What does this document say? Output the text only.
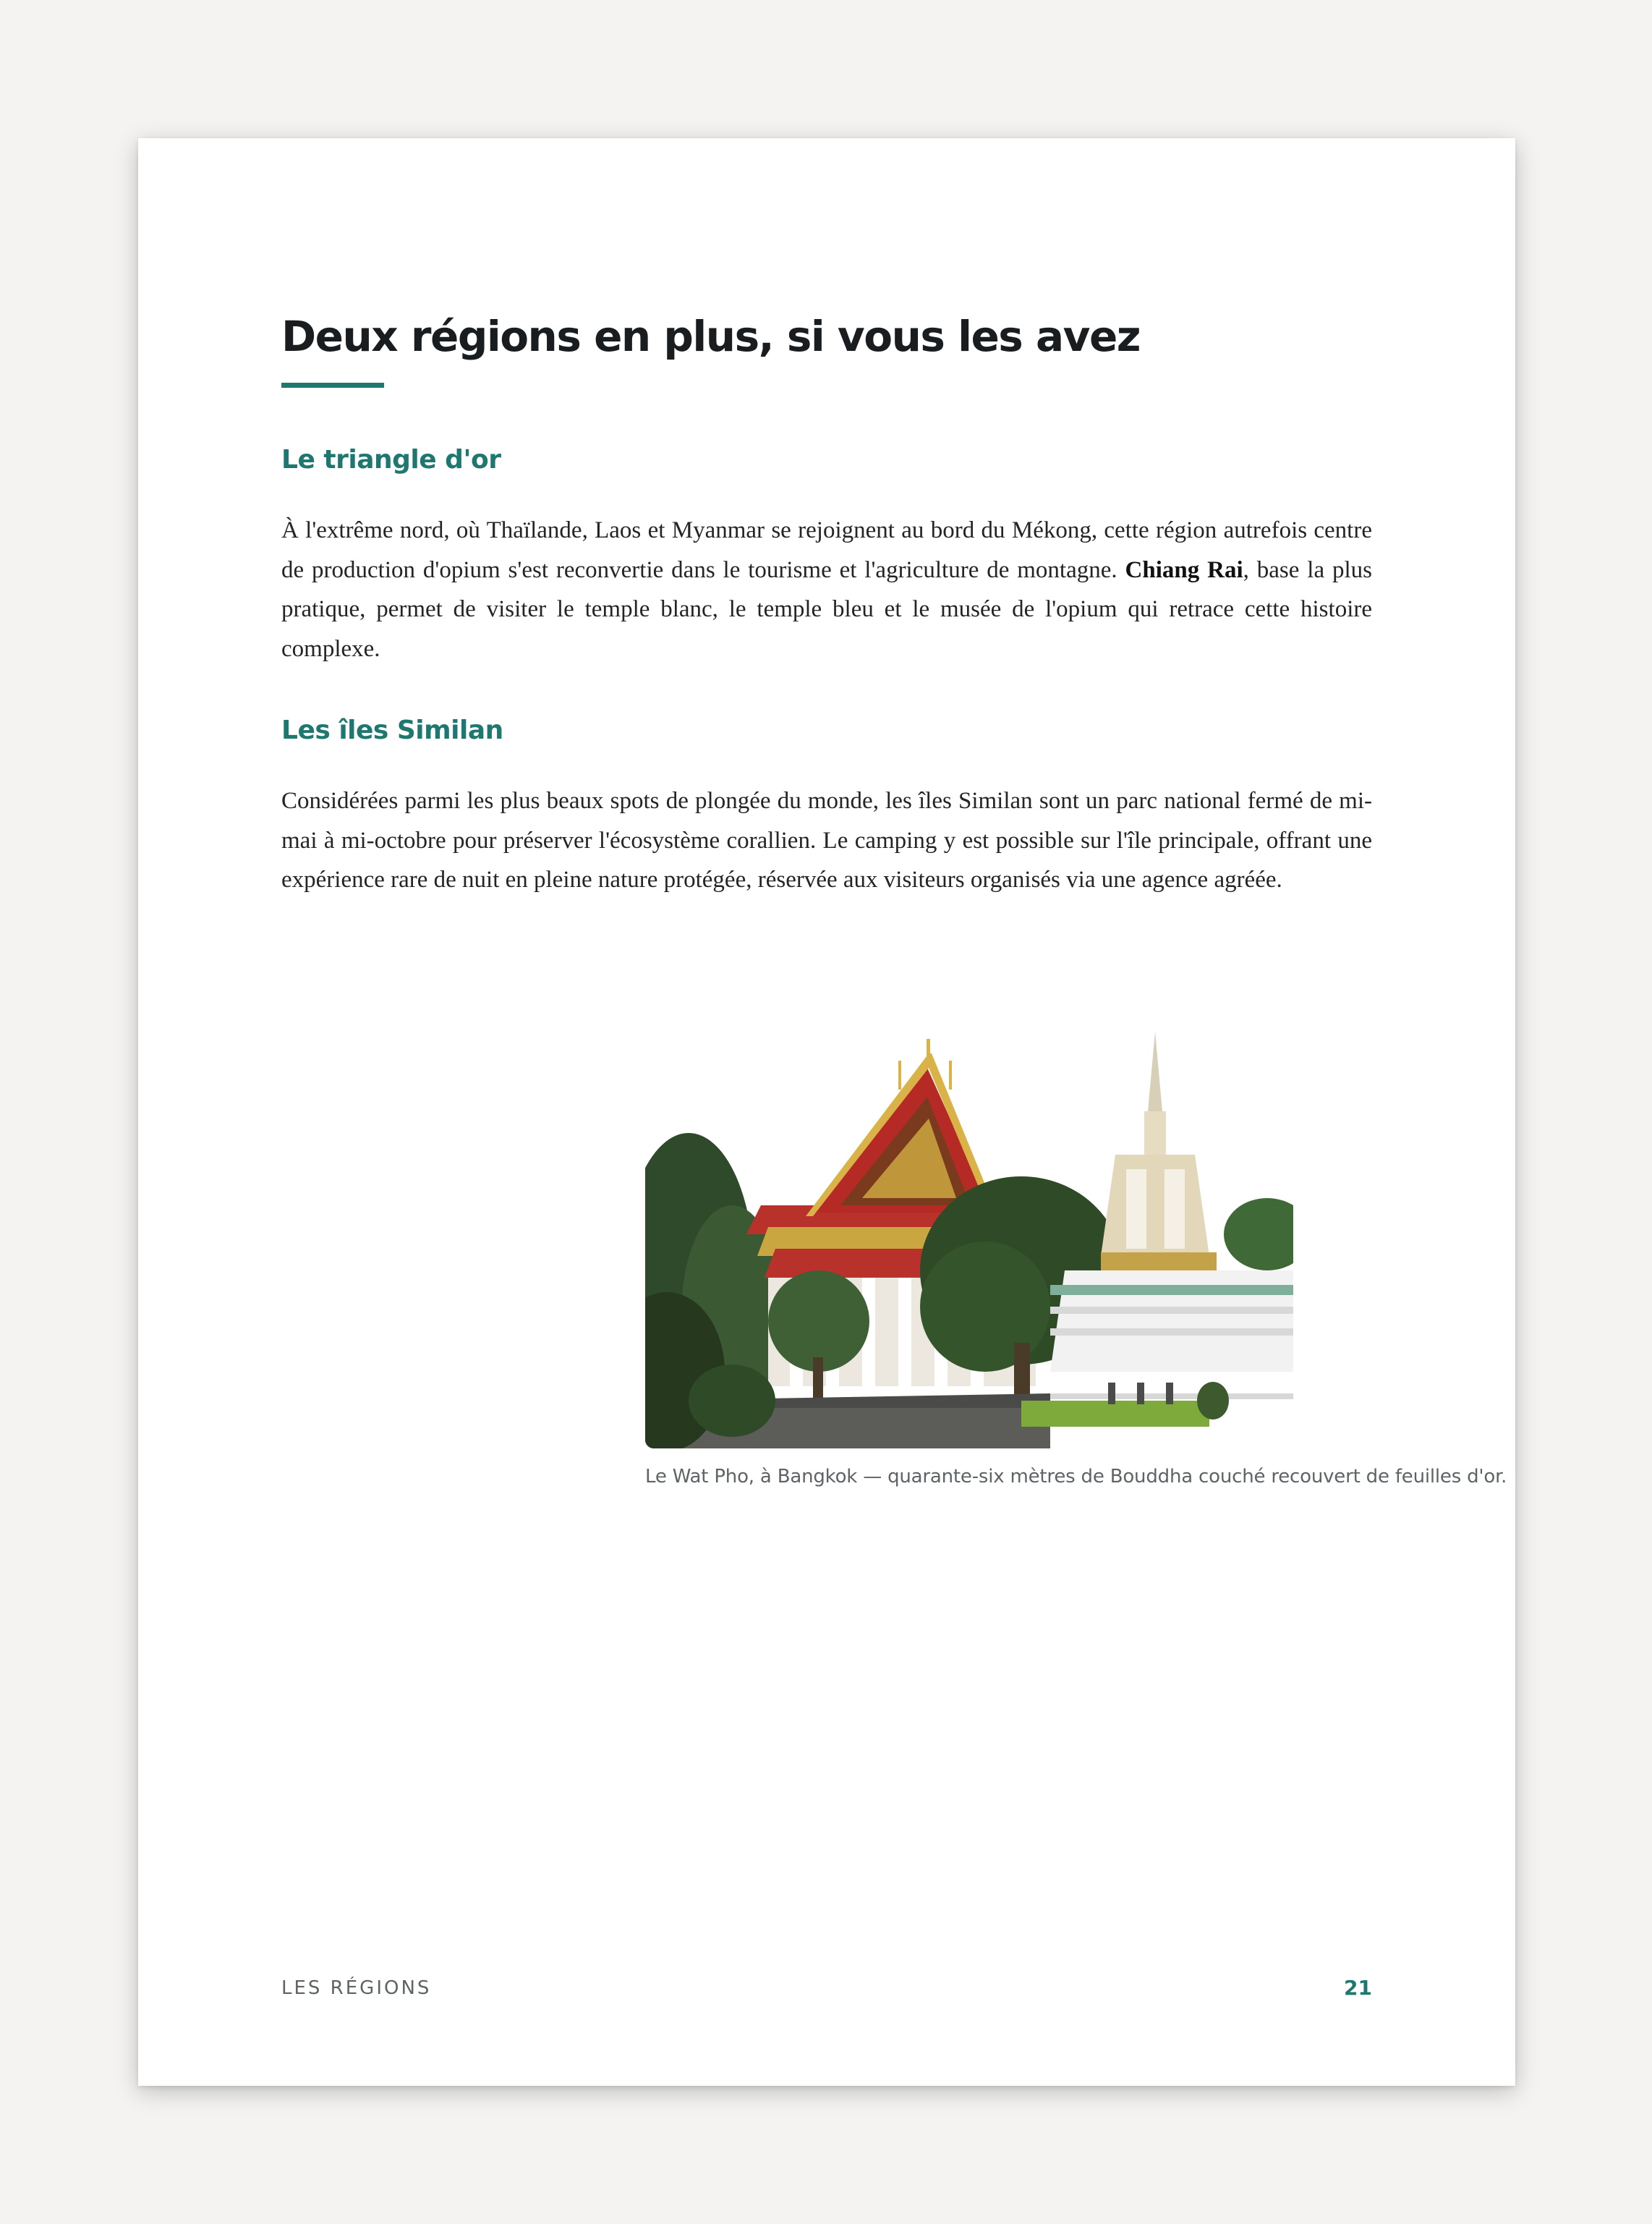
Deux régions en plus, si vous les avez
Le triangle d'or

À l'extrême nord, où Thaïlande, Laos et Myanmar se rejoignent au bord du Mékong, cette région autrefois centre de production d'opium s'est reconvertie dans le tourisme et l'agriculture de montagne. Chiang Rai, base la plus pratique, permet de visiter le temple blanc, le temple bleu et le musée de l'opium qui retrace cette histoire complexe.

Les îles Similan

Considérées parmi les plus beaux spots de plongée du monde, les îles Similan sont un parc national fermé de mi-mai à mi-octobre pour préserver l'écosystème corallien. Le camping y est possible sur l'île principale, offrant une expérience rare de nuit en pleine nature protégée, réservée aux visiteurs organisés via une agence agréée.

Le Wat Pho, à Bangkok — quarante-six mètres de Bouddha couché recouvert de feuilles d'or.

LES RÉGIONS	21
